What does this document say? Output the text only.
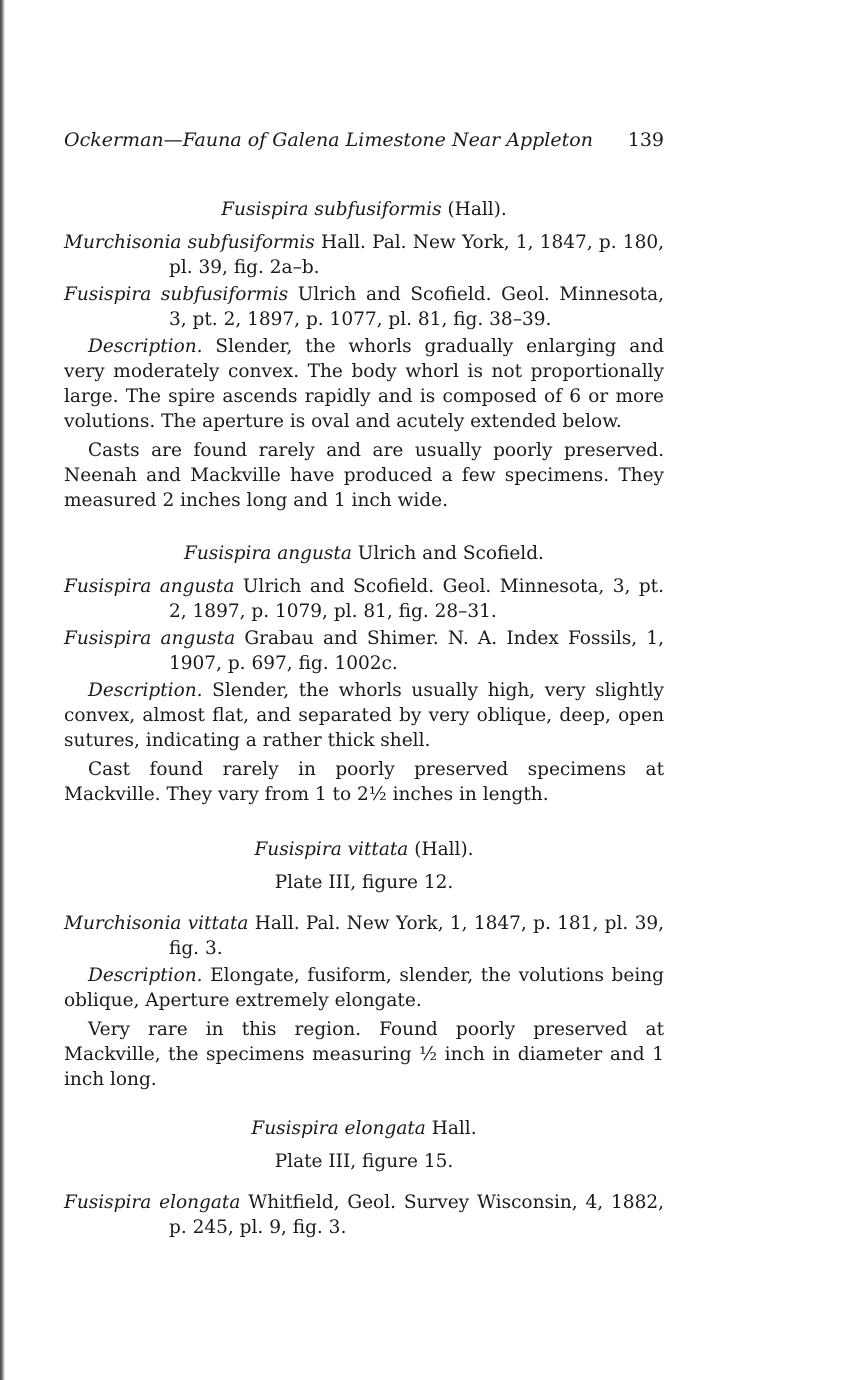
Ockerman—Fauna of Galena Limestone Near Appleton 139

Fusispira subfusiformis (Hall).

Murchisonia subfusiformis Hall. Pal. New York, 1, 1847, p. 180, pl. 39, fig. 2a–b.

Fusispira subfusiformis Ulrich and Scofield. Geol. Minnesota, 3, pt. 2, 1897, p. 1077, pl. 81, fig. 38–39.

Description. Slender, the whorls gradually enlarging and very moderately convex. The body whorl is not proportionally large. The spire ascends rapidly and is composed of 6 or more volutions. The aperture is oval and acutely extended below.

Casts are found rarely and are usually poorly preserved. Neenah and Mackville have produced a few specimens. They measured 2 inches long and 1 inch wide.

Fusispira angusta Ulrich and Scofield.

Fusispira angusta Ulrich and Scofield. Geol. Minnesota, 3, pt. 2, 1897, p. 1079, pl. 81, fig. 28–31.

Fusispira angusta Grabau and Shimer. N. A. Index Fossils, 1, 1907, p. 697, fig. 1002c.

Description. Slender, the whorls usually high, very slightly convex, almost flat, and separated by very oblique, deep, open sutures, indicating a rather thick shell.

Cast found rarely in poorly preserved specimens at Mackville. They vary from 1 to 2½ inches in length.

Fusispira vittata (Hall).

Plate III, figure 12.

Murchisonia vittata Hall. Pal. New York, 1, 1847, p. 181, pl. 39, fig. 3.

Description. Elongate, fusiform, slender, the volutions being oblique, Aperture extremely elongate.

Very rare in this region. Found poorly preserved at Mackville, the specimens measuring ½ inch in diameter and 1 inch long.

Fusispira elongata Hall.

Plate III, figure 15.

Fusispira elongata Whitfield, Geol. Survey Wisconsin, 4, 1882, p. 245, pl. 9, fig. 3.
